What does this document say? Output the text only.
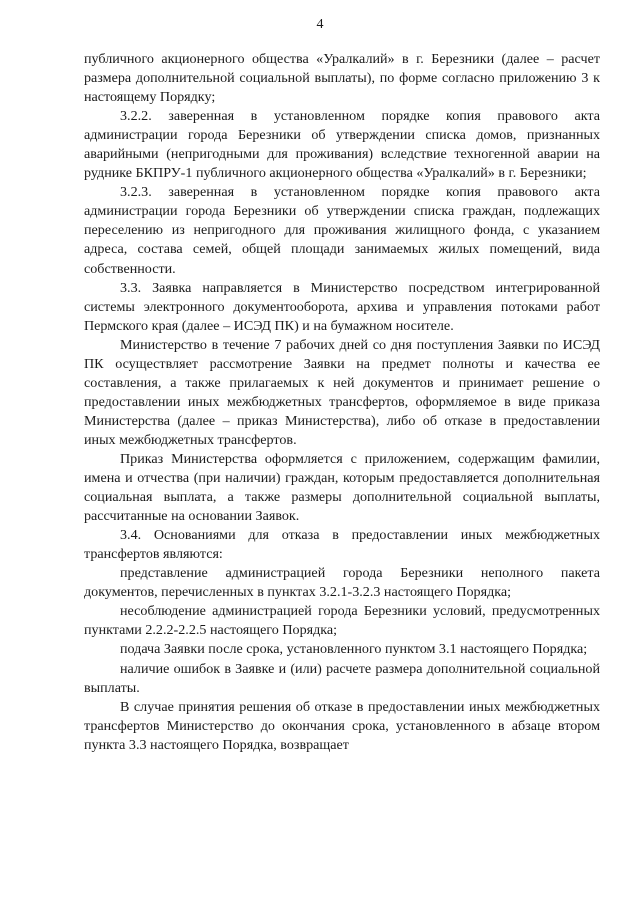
4

публичного акционерного общества «Уралкалий» в г. Березники (далее – расчет размера дополнительной социальной выплаты), по форме согласно приложению 3 к настоящему Порядку;

3.2.2. заверенная в установленном порядке копия правового акта администрации города Березники об утверждении списка домов, признанных аварийными (непригодными для проживания) вследствие техногенной аварии на руднике БКПРУ-1 публичного акционерного общества «Уралкалий» в г. Березники;

3.2.3. заверенная в установленном порядке копия правового акта администрации города Березники об утверждении списка граждан, подлежащих переселению из непригодного для проживания жилищного фонда, с указанием адреса, состава семей, общей площади занимаемых жилых помещений, вида собственности.

3.3. Заявка направляется в Министерство посредством интегрированной системы электронного документооборота, архива и управления потоками работ Пермского края (далее – ИСЭД ПК) и на бумажном носителе.

Министерство в течение 7 рабочих дней со дня поступления Заявки по ИСЭД ПК осуществляет рассмотрение Заявки на предмет полноты и качества ее составления, а также прилагаемых к ней документов и принимает решение о предоставлении иных межбюджетных трансфертов, оформляемое в виде приказа Министерства (далее – приказ Министерства), либо об отказе в предоставлении иных межбюджетных трансфертов.

Приказ Министерства оформляется с приложением, содержащим фамилии, имена и отчества (при наличии) граждан, которым предоставляется дополнительная социальная выплата, а также размеры дополнительной социальной выплаты, рассчитанные на основании Заявок.

3.4. Основаниями для отказа в предоставлении иных межбюджетных трансфертов являются:

представление администрацией города Березники неполного пакета документов, перечисленных в пунктах 3.2.1-3.2.3 настоящего Порядка;

несоблюдение администрацией города Березники условий, предусмотренных пунктами 2.2.2-2.2.5 настоящего Порядка;

подача Заявки после срока, установленного пунктом 3.1 настоящего Порядка;

наличие ошибок в Заявке и (или) расчете размера дополнительной социальной выплаты.

В случае принятия решения об отказе в предоставлении иных межбюджетных трансфертов Министерство до окончания срока, установленного в абзаце втором пункта 3.3 настоящего Порядка, возвращает
